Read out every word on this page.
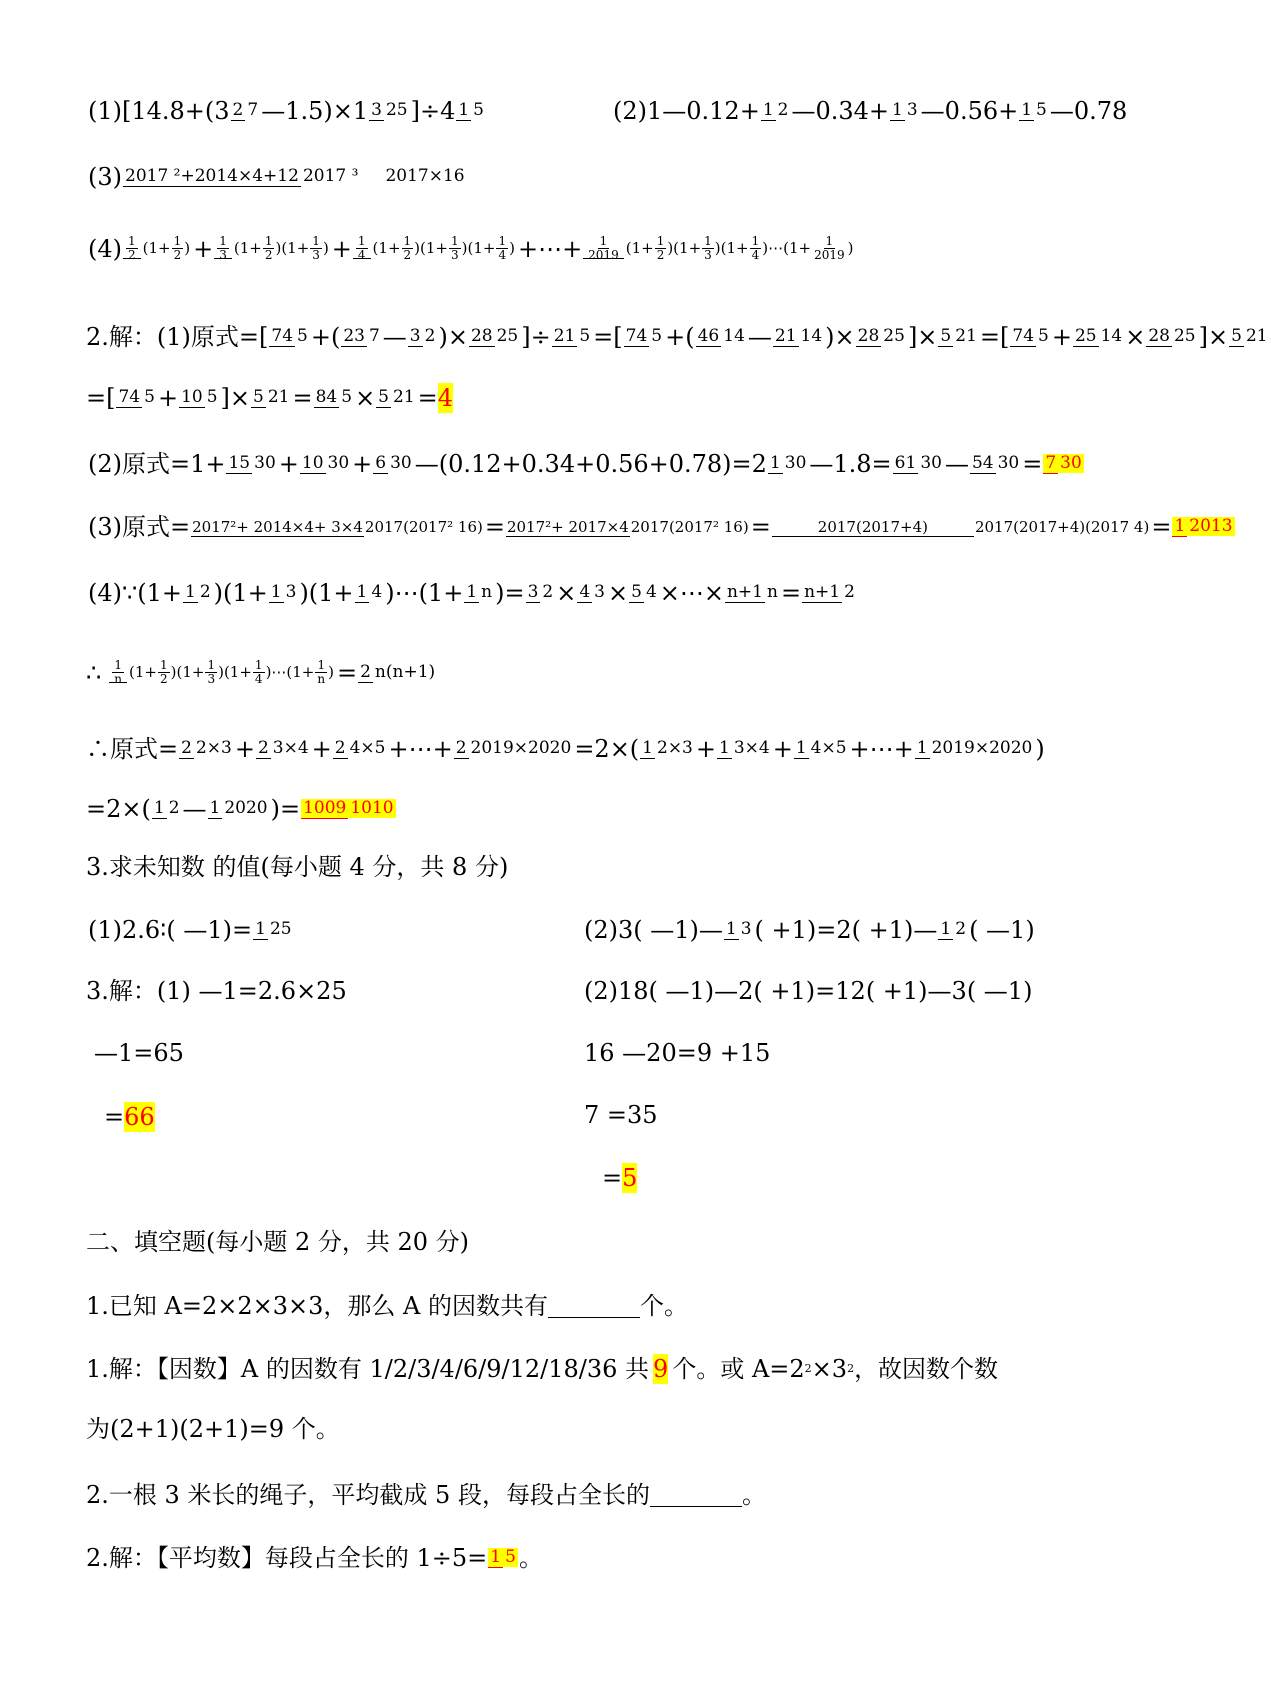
(1)[14.8+(3 2 7 —1.5)×1 3 25 ]÷4 1 5	(2)1—0.12+ 1 2 —0.34+ 1 3 —0.56+ 1 5 —0.78
(3) 2017 ²+2014×4+12 2017 ³ 2017×16
$(4) \frac{1}{2} (1+ \frac{1}{2}$ ) + $\frac{1}{3} (1+ \frac{1}{2} )(1+ \frac{1}{3}$ ) + $\frac{1}{4} (1+ \frac{1}{2} )(1+ \frac{1}{3} )(1+ \frac{1}{4}$ ) +⋯+ $\frac{1}{2019} (1+ \frac{1}{2} )(1+ \frac{1}{3} )(1+ \frac{1}{4}$ )⋯(1+ $\frac{1}{2019}$ )
2.解：(1)原式=[ 74 5 +( 23 7 — 3 2 )× 28 25 ]÷ 21 5 =[ 74 5 +( 46 14 — 21 14 )× 28 25 ]× 5 21 =[ 74 5 + 25 14 × 28 25 ]× 5 21
=[ 74 5 + 10 5 ]× 5 21 = 84 5 × 5 21 =4
(2)原式=1+ 15 30 + 10 30 + 6 30 —(0.12+0.34+0.56+0.78)=2 1 30 —1.8= 61 30 — 54 30 = 7 30
(3)原式= 2017²+ 2014×4+ 3×4 2017(2017² 16)= 2017²+ 2017×4 2017(2017² 16)=	2017(2017+4)	2017(2017+4)(2017 4)= 1 2013
(4)∵(1+ 1 2 )(1+ 1 3 )(1+ 1 4 )⋯(1+ 1 n )= 3 2 × 4 3 × 5 4 ×⋯× n+1 n = n+1 2
∴ $\frac{1}{n} (1+ \frac{1}{2} )(1+ \frac{1}{3} )(1+ \frac{1}{4}$ )⋯(1+ $\frac{1}{n}$ ) = 2 n(n+1)
∴原式= 2 2×3 + 2 3×4 + 2 4×5 +⋯+ 2 2019×2020 =2×( 1 2×3 + 1 3×4 + 1 4×5 +⋯+ 1 2019×2020 )
=2×( 1 2 — 1 2020 )= 1009 1010
3.求未知数 的值(每小题 4 分，共 8 分)
(1)2.6∶( —1)= 1 25	(2)3( —1)— 1 3 ( +1)=2( +1)— 1 2 ( —1)
3.解：(1) —1=2.6×25
—1=65
=66
(2)18( —1)—2( +1)=12( +1)—3( —1)
16 —20=9 +15
7 =35
=5
二、填空题(每小题 2 分，共 20 分)
1.已知 A=2×2×3×3，那么 A 的因数共有	个。
1.解：【因数】A 的因数有 1/2/3/4/6/9/12/18/36 共 9 个。或 A=22×32，故因数个数
为(2+1)(2+1)=9 个。
2.一根 3 米长的绳子，平均截成 5 段，每段占全长的	。
2.解：【平均数】每段占全长的 1÷5= 1 5 。
